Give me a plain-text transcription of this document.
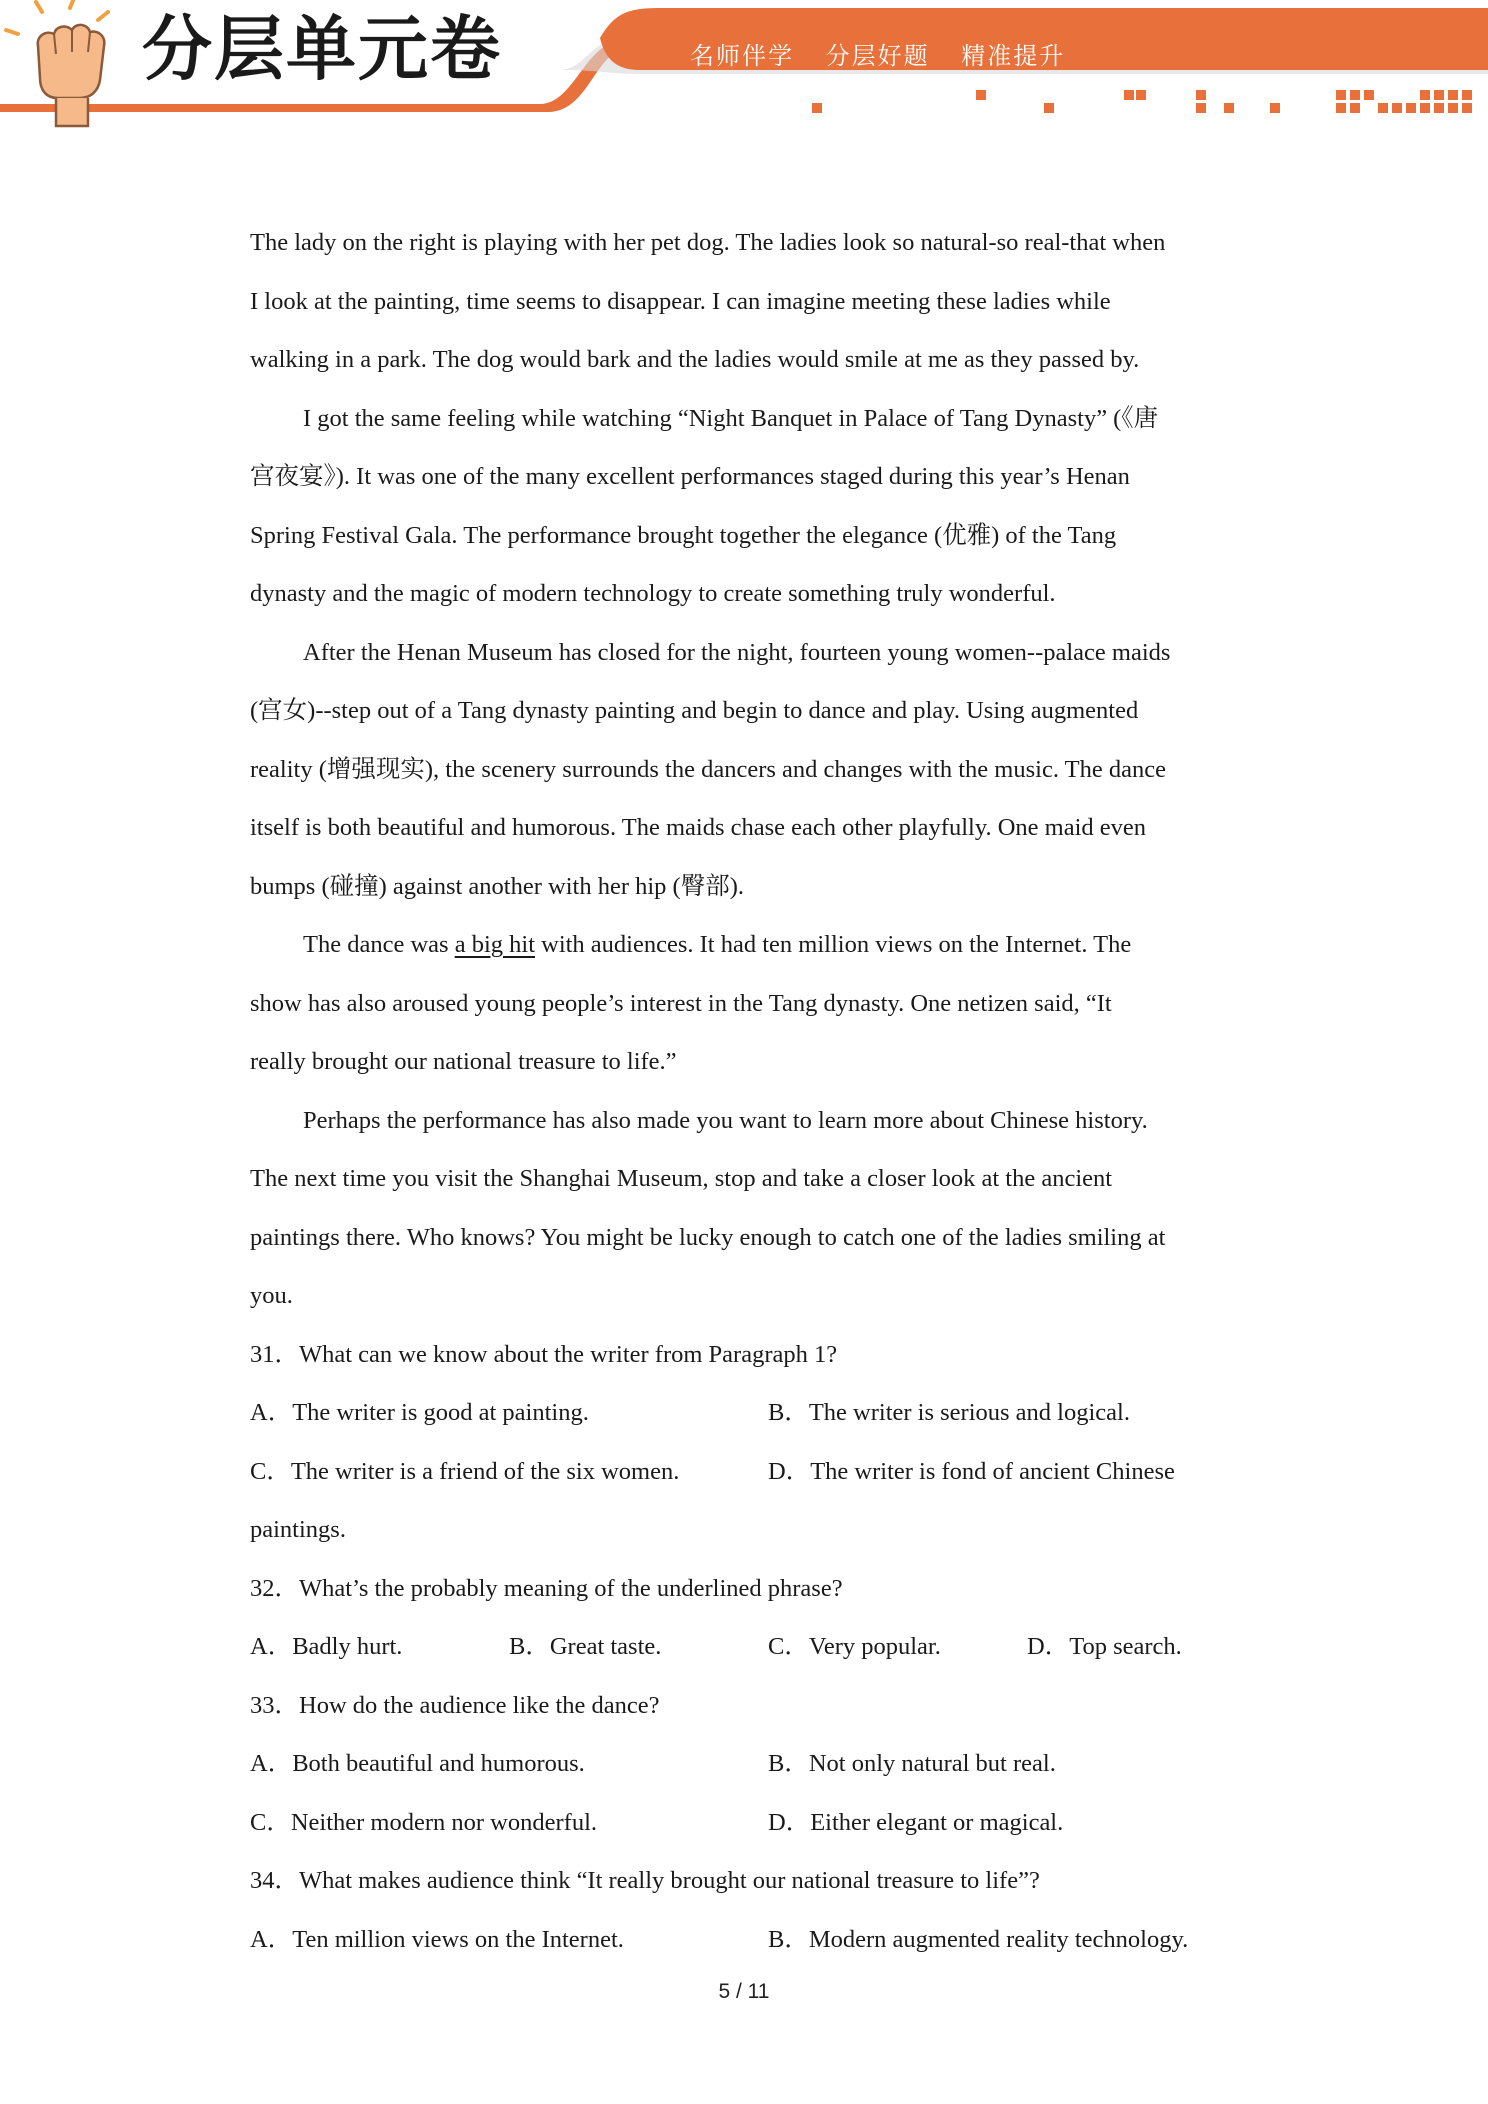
分层单元卷	名师伴学 分层好题 精准提升
The lady on the right is playing with her pet dog. The ladies look so natural-so real-that when
I look at the painting, time seems to disappear. I can imagine meeting these ladies while
walking in a park. The dog would bark and the ladies would smile at me as they passed by.
I got the same feeling while watching “Night Banquet in Palace of Tang Dynasty” (《唐
宫夜宴》). It was one of the many excellent performances staged during this year’s Henan
Spring Festival Gala. The performance brought together the elegance (优雅) of the Tang
dynasty and the magic of modern technology to create something truly wonderful.
After the Henan Museum has closed for the night, fourteen young women--palace maids
(宫女)--step out of a Tang dynasty painting and begin to dance and play. Using augmented
reality (增强现实), the scenery surrounds the dancers and changes with the music. The dance
itself is both beautiful and humorous. The maids chase each other playfully. One maid even
bumps (碰撞) against another with her hip (臀部).
The dance was a big hit with audiences. It had ten million views on the Internet. The
show has also aroused young people’s interest in the Tang dynasty. One netizen said, “It
really brought our national treasure to life.”
Perhaps the performance has also made you want to learn more about Chinese history.
The next time you visit the Shanghai Museum, stop and take a closer look at the ancient
paintings there. Who knows? You might be lucky enough to catch one of the ladies smiling at
you.
31．What can we know about the writer from Paragraph 1?
A．The writer is good at painting.	B．The writer is serious and logical.
C．The writer is a friend of the six women.	D．The writer is fond of ancient Chinese
paintings.
32．What’s the probably meaning of the underlined phrase?
A．Badly hurt.	B．Great taste.	C．Very popular.	D．Top search.
33．How do the audience like the dance?
A．Both beautiful and humorous.	B．Not only natural but real.
C．Neither modern nor wonderful.	D．Either elegant or magical.
34．What makes audience think “It really brought our national treasure to life”?
A．Ten million views on the Internet.	B．Modern augmented reality technology.
5 / 11
